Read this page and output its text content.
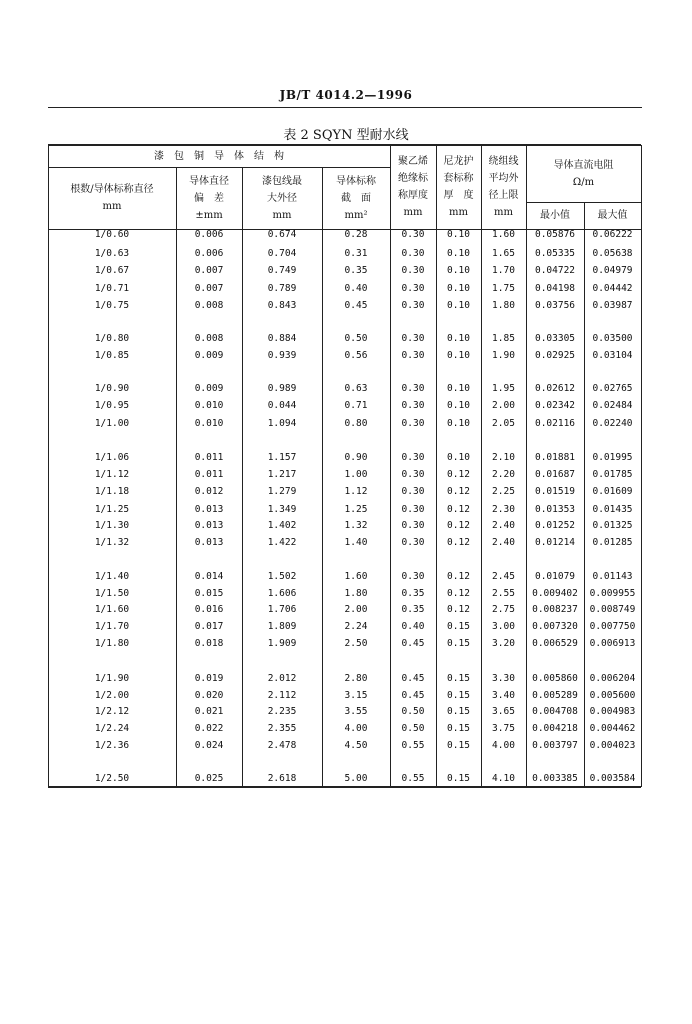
JB/T 4014.2—1996
表 2 SQYN 型耐水线
漆　包　铜　导　体　结　构
根数/导体标称直径
mm
导体直径
偏　差
±mm
漆包线最
大外径
mm
导体标称
截　面
mm²
聚乙烯
绝缘标
称厚度
mm
尼龙护
套标称
厚　度
mm
绕组线
平均外
径上限
mm
导体直流电阻
Ω/m
最小值	最大值
1/0.60	0.006	0.674	0.28	0.30	0.10	1.60	0.05876	0.06222
1/0.63	0.006	0.704	0.31	0.30	0.10	1.65	0.05335	0.05638
1/0.67	0.007	0.749	0.35	0.30	0.10	1.70	0.04722	0.04979
1/0.71	0.007	0.789	0.40	0.30	0.10	1.75	0.04198	0.04442
1/0.75	0.008	0.843	0.45	0.30	0.10	1.80	0.03756	0.03987
1/0.80	0.008	0.884	0.50	0.30	0.10	1.85	0.03305	0.03500
1/0.85	0.009	0.939	0.56	0.30	0.10	1.90	0.02925	0.03104
1/0.90	0.009	0.989	0.63	0.30	0.10	1.95	0.02612	0.02765
1/0.95	0.010	0.044	0.71	0.30	0.10	2.00	0.02342	0.02484
1/1.00	0.010	1.094	0.80	0.30	0.10	2.05	0.02116	0.02240
1/1.06	0.011	1.157	0.90	0.30	0.10	2.10	0.01881	0.01995
1/1.12	0.011	1.217	1.00	0.30	0.12	2.20	0.01687	0.01785
1/1.18	0.012	1.279	1.12	0.30	0.12	2.25	0.01519	0.01609
1/1.25	0.013	1.349	1.25	0.30	0.12	2.30	0.01353	0.01435
1/1.30	0.013	1.402	1.32	0.30	0.12	2.40	0.01252	0.01325
1/1.32	0.013	1.422	1.40	0.30	0.12	2.40	0.01214	0.01285
1/1.40	0.014	1.502	1.60	0.30	0.12	2.45	0.01079	0.01143
1/1.50	0.015	1.606	1.80	0.35	0.12	2.55	0.009402	0.009955
1/1.60	0.016	1.706	2.00	0.35	0.12	2.75	0.008237	0.008749
1/1.70	0.017	1.809	2.24	0.40	0.15	3.00	0.007320	0.007750
1/1.80	0.018	1.909	2.50	0.45	0.15	3.20	0.006529	0.006913
1/1.90	0.019	2.012	2.80	0.45	0.15	3.30	0.005860	0.006204
1/2.00	0.020	2.112	3.15	0.45	0.15	3.40	0.005289	0.005600
1/2.12	0.021	2.235	3.55	0.50	0.15	3.65	0.004708	0.004983
1/2.24	0.022	2.355	4.00	0.50	0.15	3.75	0.004218	0.004462
1/2.36	0.024	2.478	4.50	0.55	0.15	4.00	0.003797	0.004023
1/2.50	0.025	2.618	5.00	0.55	0.15	4.10	0.003385	0.003584
